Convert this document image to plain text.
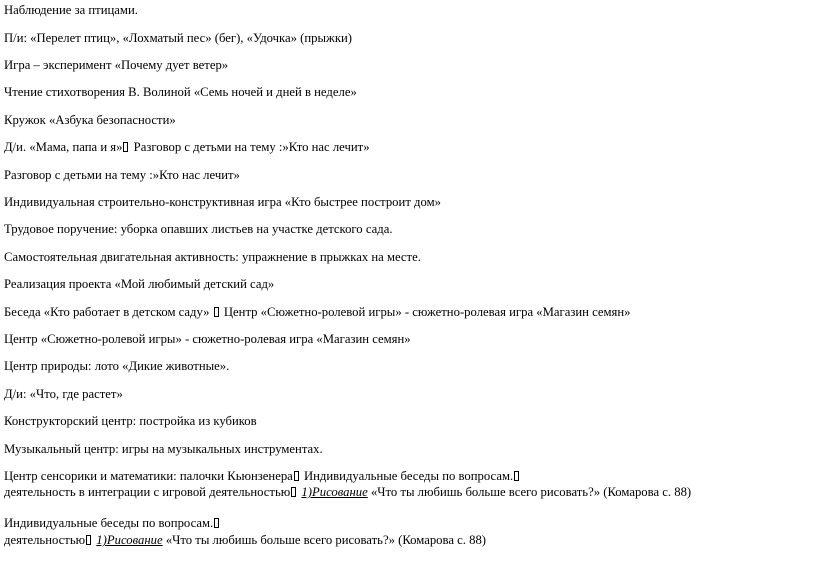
Наблюдение за птицами.
П/и: «Перелет птиц», «Лохматый пес» (бег), «Удочка» (прыжки)
Игра – эксперимент «Почему дует ветер»
Чтение стихотворения В. Волиной «Семь ночей и дней в неделе»
Кружок «Азбука безопасности»
Д/и. «Мама, папа и я» Разговор с детьми на тему :»Кто нас лечит»
Разговор с детьми на тему :»Кто нас лечит»
Индивидуальная строительно-конструктивная игра «Кто быстрее построит дом»
Трудовое поручение: уборка опавших листьев на участке детского сада.
Самостоятельная двигательная активность: упражнение в прыжках на месте.
Реализация проекта «Мой любимый детский сад»
Беседа «Кто работает в детском саду»  Центр «Сюжетно-ролевой игры» - сюжетно-ролевая игра «Магазин семян»
Центр «Сюжетно-ролевой игры» - сюжетно-ролевая игра «Магазин семян»
Центр природы: лото «Дикие животные».
Д/и: «Что, где растет»
Конструкторский центр: постройка из кубиков
Музыкальный центр: игры на музыкальных инструментах.
Центр сенсорики и математики: палочки Кьюнзенера Индивидуальные беседы по вопросам.
деятельность в интеграции с игровой деятельностью 1)Рисование «Что ты любишь больше всего рисовать?» (Комарова с. 88)
Индивидуальные беседы по вопросам.
деятельностью 1)Рисование «Что ты любишь больше всего рисовать?» (Комарова с. 88)
